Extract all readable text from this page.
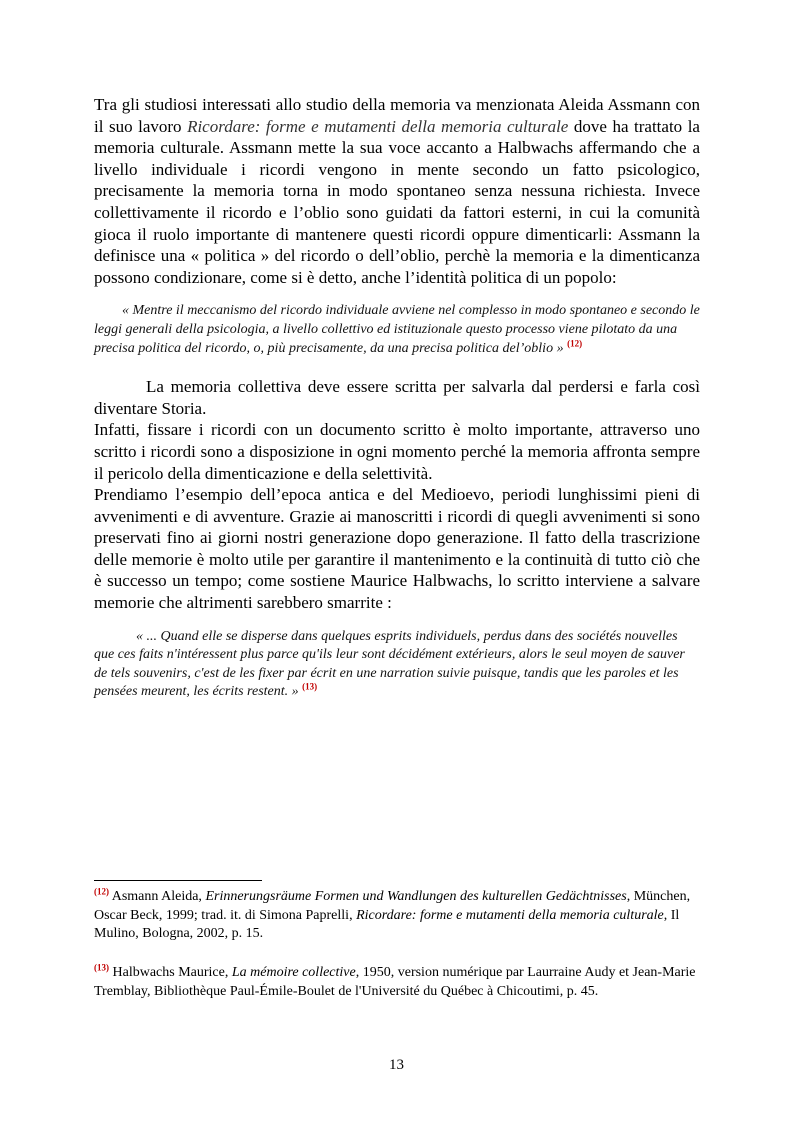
Tra gli studiosi interessati allo studio della memoria va menzionata Aleida Assmann con il suo lavoro Ricordare: forme e mutamenti della memoria culturale dove ha trattato la memoria culturale. Assmann mette la sua voce accanto a Halbwachs affermando che a livello individuale i ricordi vengono in mente secondo un fatto psicologico, precisamente la memoria torna in modo spontaneo senza nessuna richiesta. Invece collettivamente il ricordo e l’oblio sono guidati da fattori esterni, in cui la comunità gioca il ruolo importante di mantenere questi ricordi oppure dimenticarli: Assmann la definisce una « politica » del ricordo o dell’oblio, perchè la memoria e la dimenticanza possono condizionare, come si è detto, anche l’identità politica di un popolo:

« Mentre il meccanismo del ricordo individuale avviene nel complesso in modo spontaneo e secondo le leggi generali della psicologia, a livello collettivo ed istituzionale questo processo viene pilotato da una precisa politica del ricordo, o, più precisamente, da una precisa politica del’oblio » $^{(12)}$

La memoria collettiva deve essere scritta per salvarla dal perdersi e farla così diventare Storia.

Infatti, fissare i ricordi con un documento scritto è molto importante, attraverso uno scritto i ricordi sono a disposizione in ogni momento perché la memoria affronta sempre il pericolo della dimenticazione e della selettività.

Prendiamo l’esempio dell’epoca antica e del Medioevo, periodi lunghissimi pieni di avvenimenti e di avventure. Grazie ai manoscritti i ricordi di quegli avvenimenti si sono preservati fino ai giorni nostri generazione dopo generazione. Il fatto della trascrizione delle memorie è molto utile per garantire il mantenimento e la continuità di tutto ciò che è successo un tempo; come sostiene Maurice Halbwachs, lo scritto interviene a salvare memorie che altrimenti sarebbero smarrite :

« ... Quand elle se disperse dans quelques esprits individuels, perdus dans des sociétés nouvelles que ces faits n'intéressent plus parce qu'ils leur sont décidément extérieurs, alors le seul moyen de sauver de tels souvenirs, c'est de les fixer par écrit en une narration suivie puisque, tandis que les paroles et les pensées meurent, les écrits restent. » $^{(13)}$

$^{(12)}$ Asmann Aleida, Erinnerungsräume Formen und Wandlungen des kulturellen Gedächtnisses, München, Oscar Beck, 1999; trad. it. di Simona Paprelli, Ricordare: forme e mutamenti della memoria culturale, Il Mulino, Bologna, 2002, p. 15.
$^{(13)}$ Halbwachs Maurice, La mémoire collective, 1950, version numérique par Laurraine Audy et Jean-Marie Tremblay, Bibliothèque Paul-Émile-Boulet de l'Université du Québec à Chicoutimi, p. 45.
13
